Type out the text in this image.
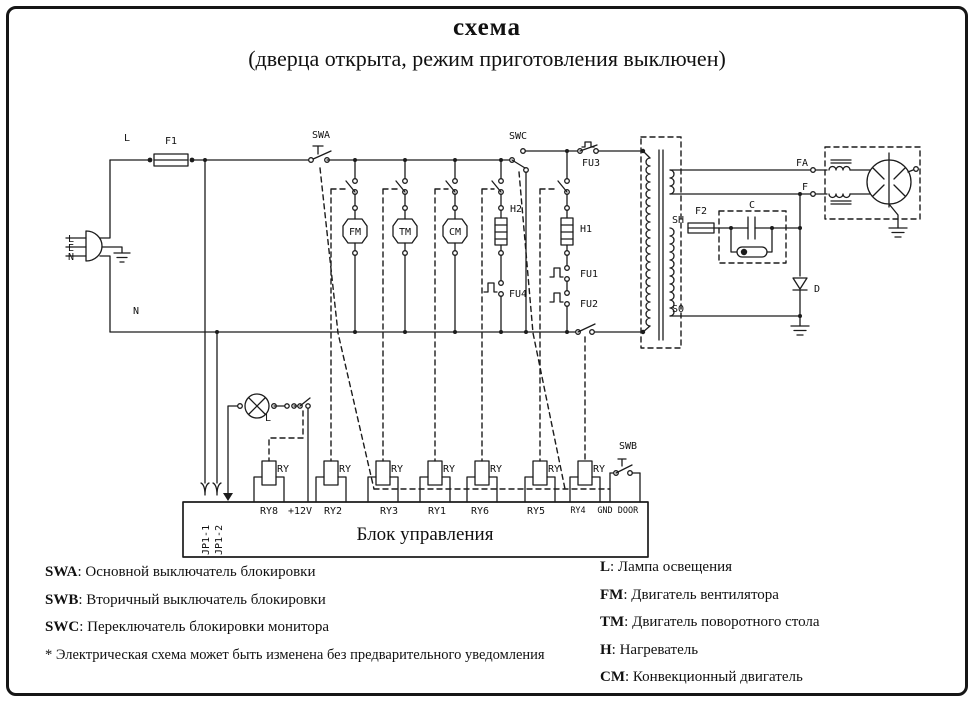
схема
(дверца открыта, режим приготовления выключен)
L
E
N
L	F1
SWA	SWC
FU3
FM	TM	CM
H2
FU4
H1
FU1
FU2
N
L
RY	RY	RY	RY	RY	RY	RY
SWB
Блок управления
JP1-1 JP1-2
RY8 +12V RY2	RY3	RY1 RY6	RY5	RY4 GND DOOR
SH
SO
FA
F
F2
C
D
SWA: Основной выключатель блокировки
SWB: Вторичный выключатель блокировки
SWC: Переключатель блокировки монитора
* Электрическая схема может быть изменена без предварительного уведомления
L: Лампа освещения
FM: Двигатель вентилятора
TM: Двигатель поворотного стола
H: Нагреватель
CM: Конвекционный двигатель
